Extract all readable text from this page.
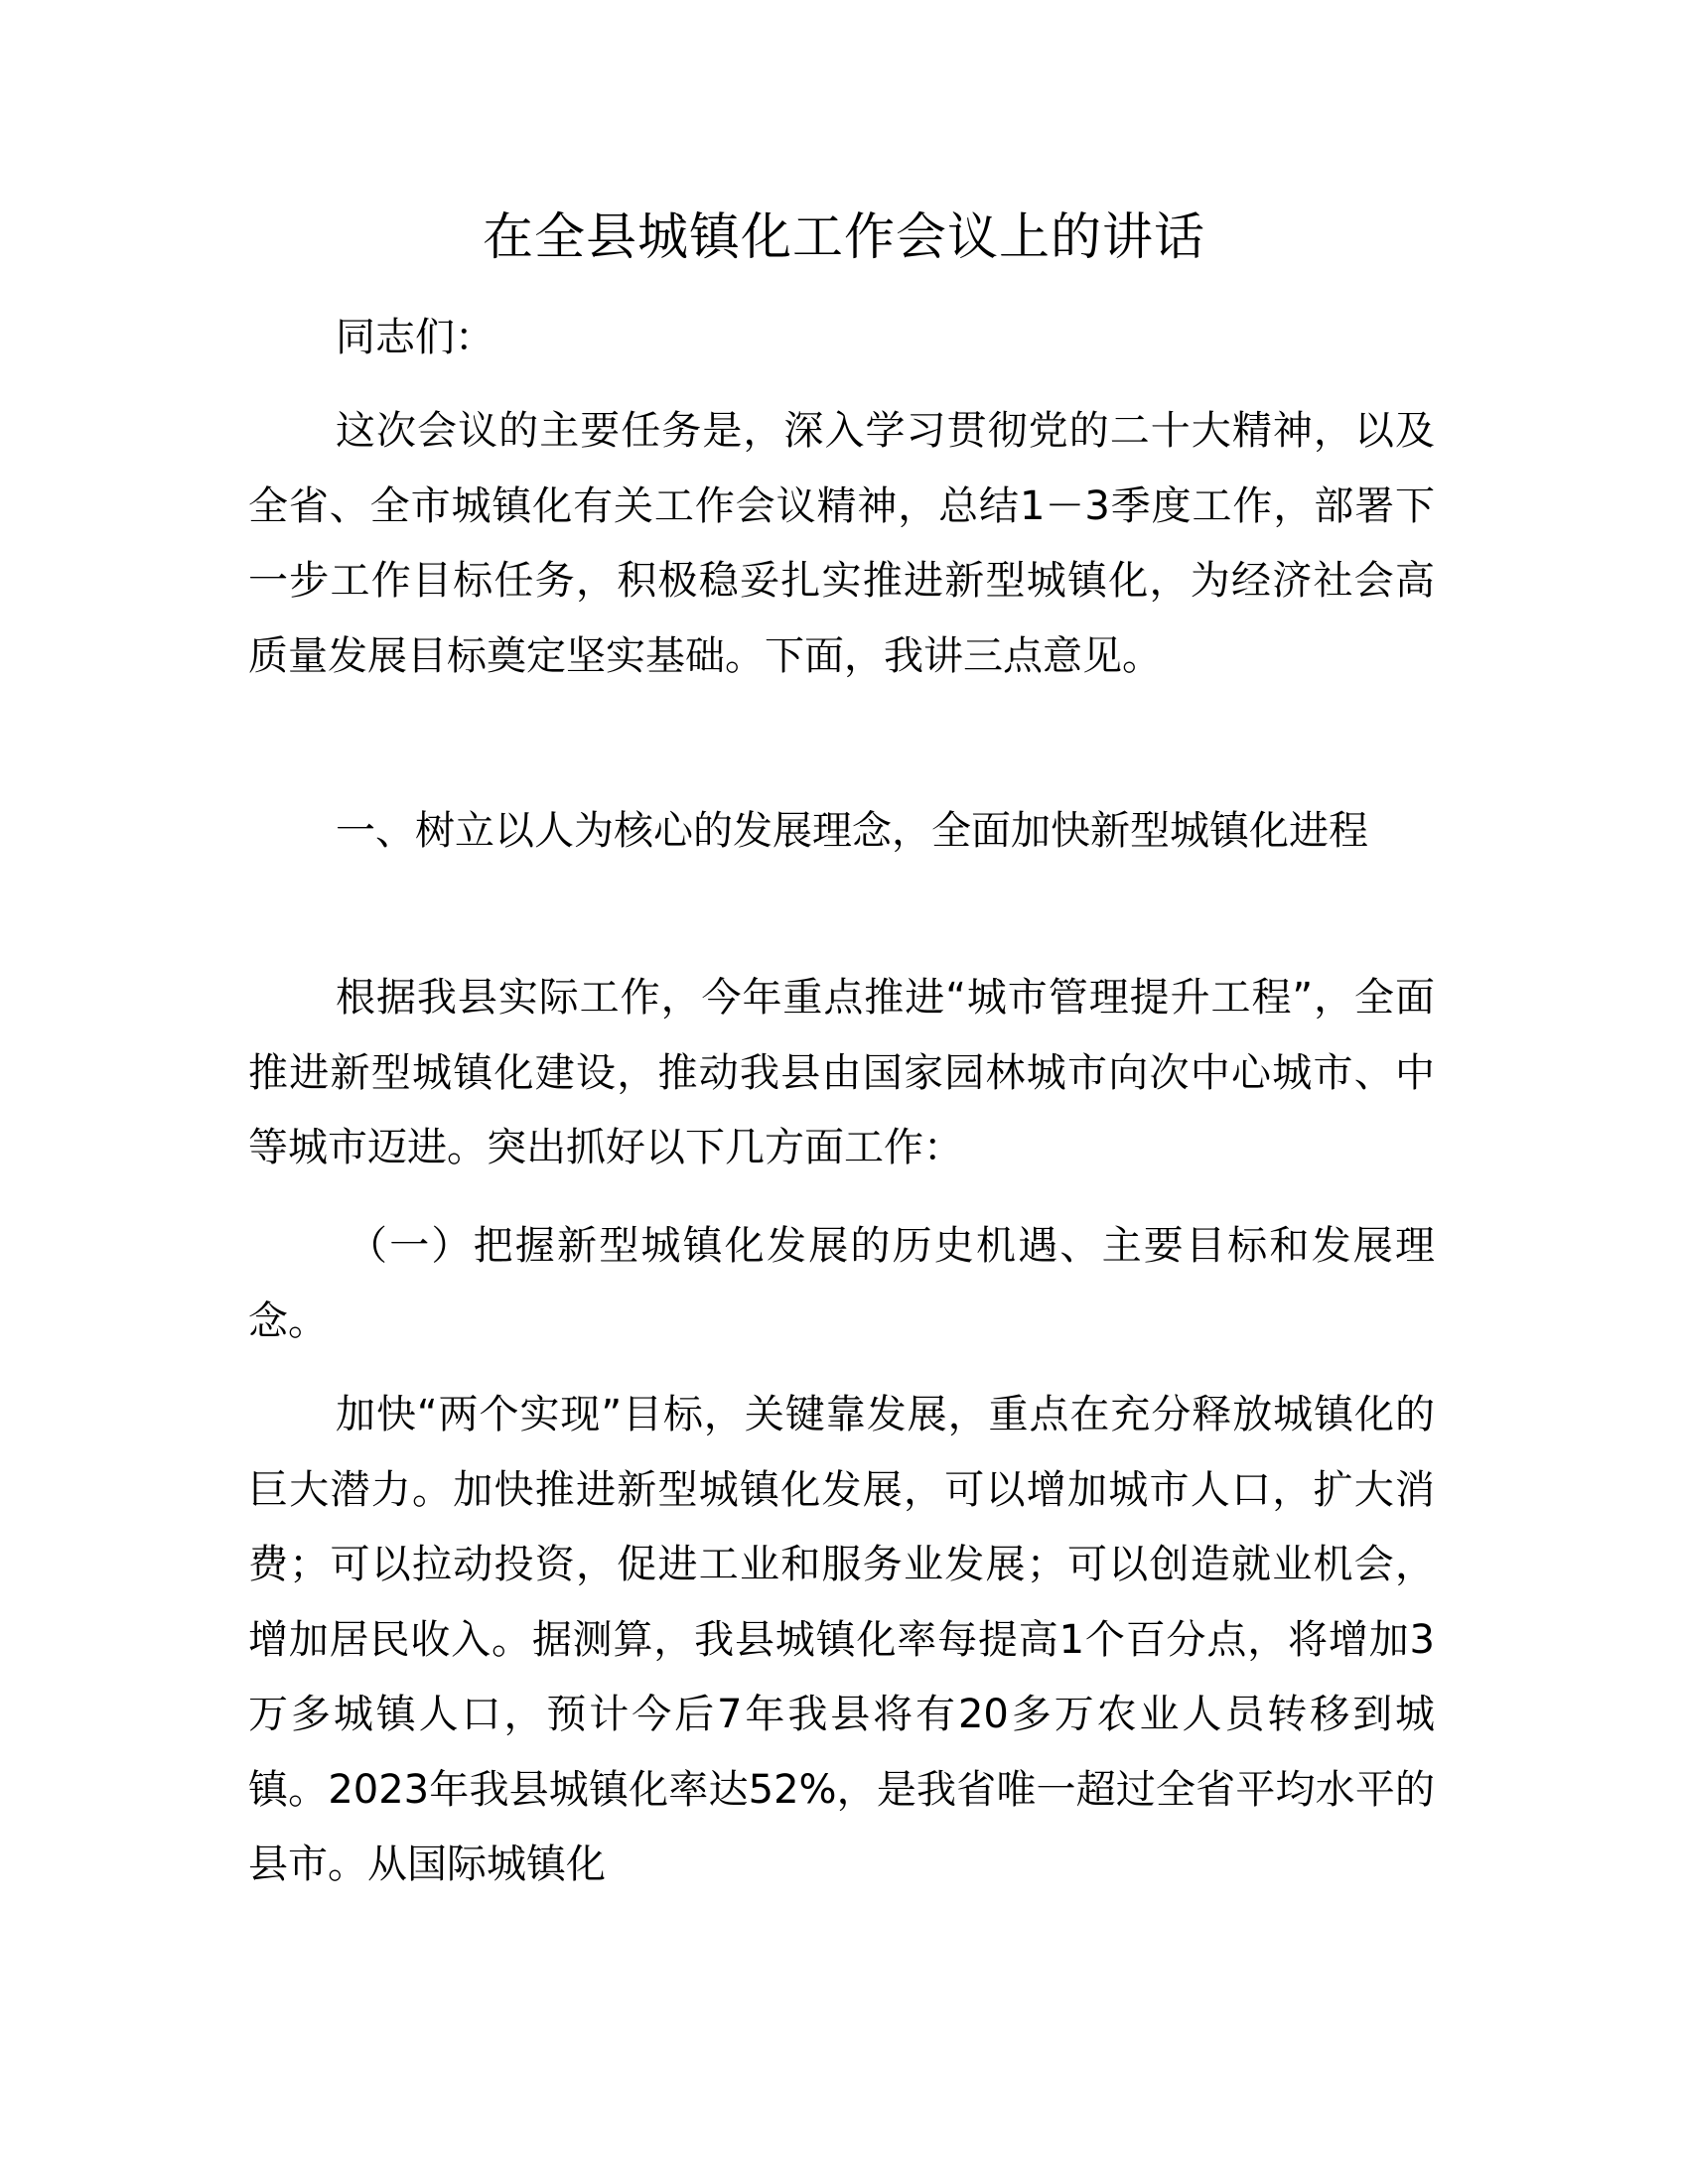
在全县城镇化工作会议上的讲话
同志们：
这次会议的主要任务是，深入学习贯彻党的二十大精神，以及全省、全市城镇化有关工作会议精神，总结1－3季度工作，部署下一步工作目标任务，积极稳妥扎实推进新型城镇化，为经济社会高质量发展目标奠定坚实基础。下面，我讲三点意见。
一、树立以人为核心的发展理念，全面加快新型城镇化进程
根据我县实际工作，今年重点推进“城市管理提升工程”，全面推进新型城镇化建设，推动我县由国家园林城市向次中心城市、中等城市迈进。突出抓好以下几方面工作：
（一）把握新型城镇化发展的历史机遇、主要目标和发展理念。
加快“两个实现”目标，关键靠发展，重点在充分释放城镇化的巨大潜力。加快推进新型城镇化发展，可以增加城市人口，扩大消费；可以拉动投资，促进工业和服务业发展；可以创造就业机会，增加居民收入。据测算，我县城镇化率每提高1个百分点，将增加3万多城镇人口，预计今后7年我县将有20多万农业人员转移到城镇。2023年我县城镇化率达52%，是我省唯一超过全省平均水平的县市。从国际城镇化
